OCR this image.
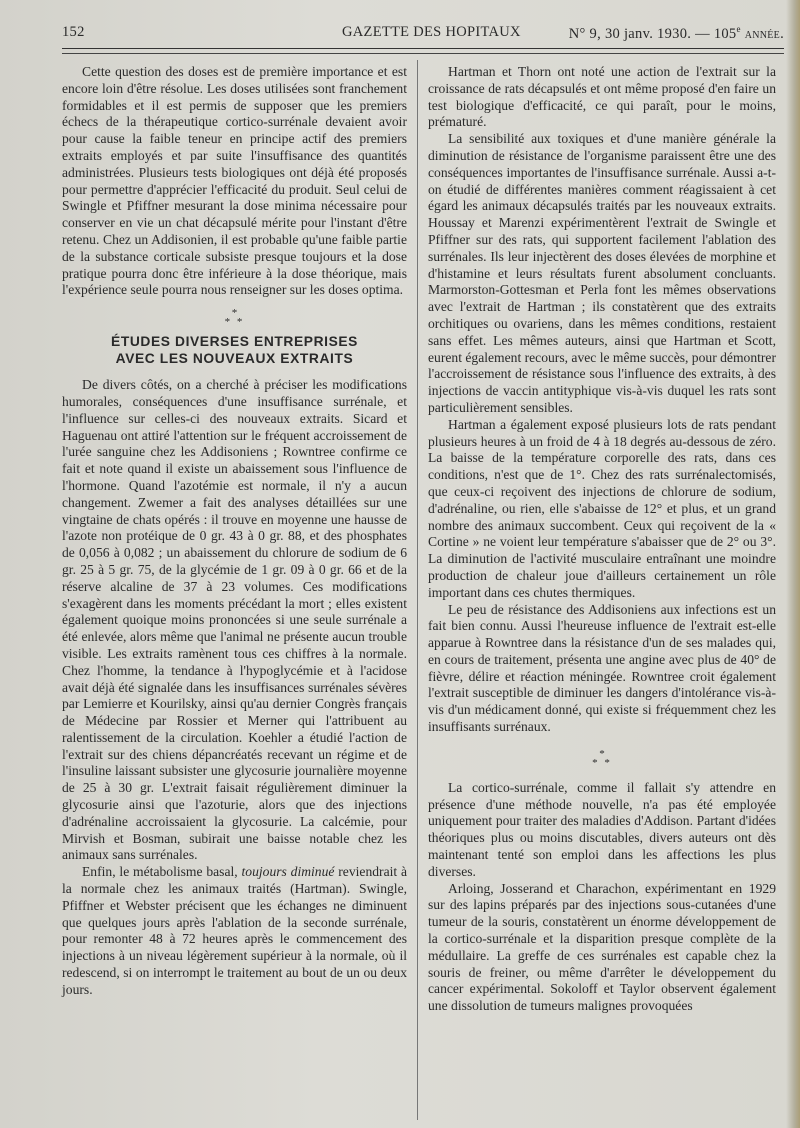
152	GAZETTE DES HOPITAUX	N° 9, 30 janv. 1930. — 105e année.

Cette question des doses est de première importance et est encore loin d'être résolue. Les doses utilisées sont franchement formidables et il est permis de supposer que les premiers échecs de la thérapeutique cortico-surrénale devaient avoir pour cause la faible teneur en principe actif des premiers extraits employés et par suite l'insuffisance des quantités administrées. Plusieurs tests biologiques ont déjà été proposés pour permettre d'apprécier l'efficacité du produit. Seul celui de Swingle et Pfiffner mesurant la dose minima nécessaire pour conserver en vie un chat décapsulé mérite pour l'instant d'être retenu. Chez un Addisonien, il est probable qu'une faible partie de la substance corticale subsiste presque toujours et la dose pratique pourra donc être inférieure à la dose théorique, mais l'expérience seule pourra nous renseigner sur les doses optima.

*
* *
ÉTUDES DIVERSES ENTREPRISES
AVEC LES NOUVEAUX EXTRAITS

De divers côtés, on a cherché à préciser les modifications humorales, conséquences d'une insuffisance surrénale, et l'influence sur celles-ci des nouveaux extraits. Sicard et Haguenau ont attiré l'attention sur le fréquent accroissement de l'urée sanguine chez les Addisoniens ; Rowntree confirme ce fait et note quand il existe un abaissement sous l'influence de l'hormone. Quand l'azotémie est normale, il n'y a aucun changement. Zwemer a fait des analyses détaillées sur une vingtaine de chats opérés : il trouve en moyenne une hausse de l'azote non protéique de 0 gr. 43 à 0 gr. 88, et des phosphates de 0,056 à 0,082 ; un abaissement du chlorure de sodium de 6 gr. 25 à 5 gr. 75, de la glycémie de 1 gr. 09 à 0 gr. 66 et de la réserve alcaline de 37 à 23 volumes. Ces modifications s'exagèrent dans les moments précédant la mort ; elles existent également quoique moins prononcées si une seule surrénale a été enlevée, alors même que l'animal ne présente aucun trouble visible. Les extraits ramènent tous ces chiffres à la normale. Chez l'homme, la tendance à l'hypoglycémie et à l'acidose avait déjà été signalée dans les insuffisances surrénales sévères par Lemierre et Kourilsky, ainsi qu'au dernier Congrès français de Médecine par Rossier et Merner qui l'attribuent au ralentissement de la circulation. Koehler a étudié l'action de l'extrait sur des chiens dépancréatés recevant un régime et de l'insuline laissant subsister une glycosurie journalière moyenne de 25 à 30 gr. L'extrait faisait régulièrement diminuer la glycosurie ainsi que l'azoturie, alors que des injections d'adrénaline accroissaient la glycosurie. La calcémie, pour Mirvish et Bosman, subirait une baisse notable chez les animaux sans surrénales.

Enfin, le métabolisme basal, toujours diminué reviendrait à la normale chez les animaux traités (Hartman). Swingle, Pfiffner et Webster précisent que les échanges ne diminuent que quelques jours après l'ablation de la seconde surrénale, pour remonter 48 à 72 heures après le commencement des injections à un niveau légèrement supérieur à la normale, où il redescend, si on interrompt le traitement au bout de un ou deux jours.

Hartman et Thorn ont noté une action de l'extrait sur la croissance de rats décapsulés et ont même proposé d'en faire un test biologique d'efficacité, ce qui paraît, pour le moins, prématuré.

La sensibilité aux toxiques et d'une manière générale la diminution de résistance de l'organisme paraissent être une des conséquences importantes de l'insuffisance surrénale. Aussi a-t-on étudié de différentes manières comment réagissaient à cet égard les animaux décapsulés traités par les nouveaux extraits. Houssay et Marenzi expérimentèrent l'extrait de Swingle et Pfiffner sur des rats, qui supportent facilement l'ablation des surrénales. Ils leur injectèrent des doses élevées de morphine et d'histamine et leurs résultats furent absolument concluants. Marmorston-Gottesman et Perla font les mêmes observations avec l'extrait de Hartman ; ils constatèrent que des extraits orchitiques ou ovariens, dans les mêmes conditions, restaient sans effet. Les mêmes auteurs, ainsi que Hartman et Scott, eurent également recours, avec le même succès, pour démontrer l'accroissement de résistance sous l'influence des extraits, à des injections de vaccin antityphique vis-à-vis duquel les rats sont particulièrement sensibles.

Hartman a également exposé plusieurs lots de rats pendant plusieurs heures à un froid de 4 à 18 degrés au-dessous de zéro. La baisse de la température corporelle des rats, dans ces conditions, n'est que de 1°. Chez des rats surrénalectomisés, que ceux-ci reçoivent des injections de chlorure de sodium, d'adrénaline, ou rien, elle s'abaisse de 12° et plus, et un grand nombre des animaux succombent. Ceux qui reçoivent de la « Cortine » ne voient leur température s'abaisser que de 2° ou 3°. La diminution de l'activité musculaire entraînant une moindre production de chaleur joue d'ailleurs certainement un rôle important dans ces chutes thermiques.

Le peu de résistance des Addisoniens aux infections est un fait bien connu. Aussi l'heureuse influence de l'extrait est-elle apparue à Rowntree dans la résistance d'un de ses malades qui, en cours de traitement, présenta une angine avec plus de 40° de fièvre, délire et réaction méningée. Rowntree croit également l'extrait susceptible de diminuer les dangers d'intolérance vis-à-vis d'un médicament donné, qui existe si fréquemment chez les insuffisants surrénaux.

*
* *

La cortico-surrénale, comme il fallait s'y attendre en présence d'une méthode nouvelle, n'a pas été employée uniquement pour traiter des maladies d'Addison. Partant d'idées théoriques plus ou moins discutables, divers auteurs ont dès maintenant tenté son emploi dans les affections les plus diverses.

Arloing, Josserand et Charachon, expérimentant en 1929 sur des lapins préparés par des injections sous-cutanées d'une tumeur de la souris, constatèrent un énorme développement de la cortico-surrénale et la disparition presque complète de la médullaire. La greffe de ces surrénales est capable chez la souris de freiner, ou même d'arrêter le développement du cancer expérimental. Sokoloff et Taylor observent également une dissolution de tumeurs malignes provoquées
